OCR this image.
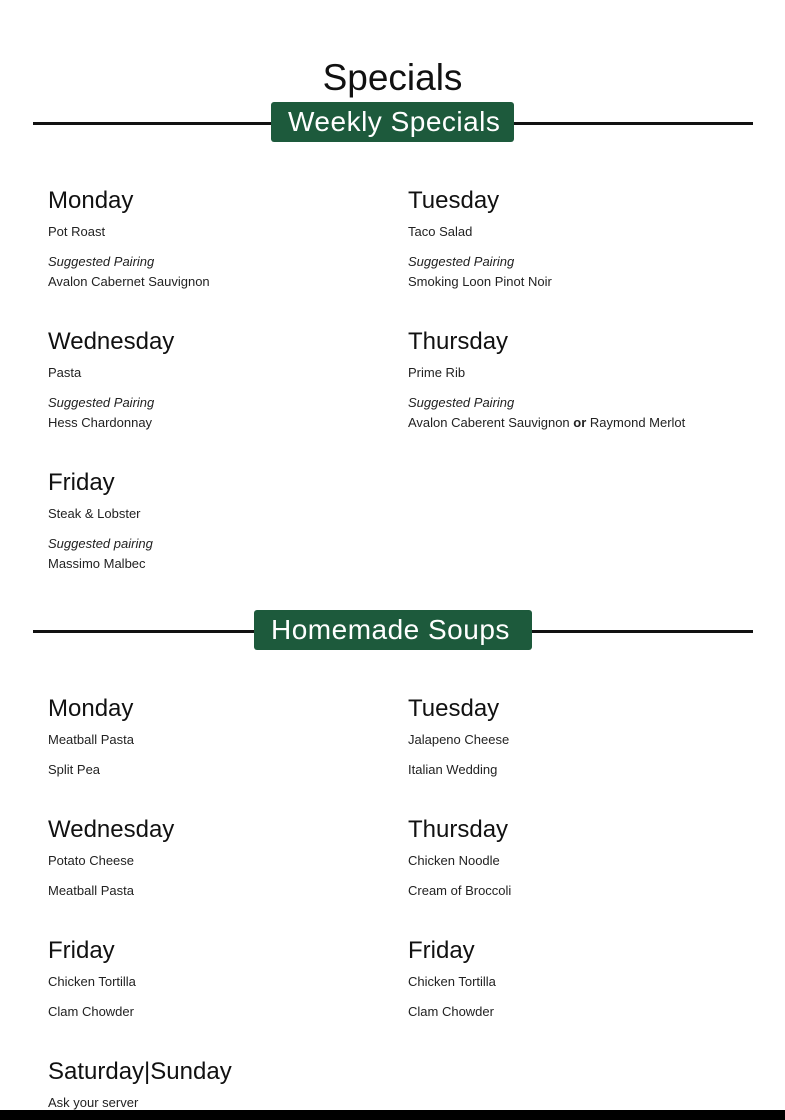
Specials
Weekly Specials
Monday
Pot Roast
Suggested Pairing
Avalon Cabernet Sauvignon
Tuesday
Taco Salad
Suggested Pairing
Smoking Loon Pinot Noir
Wednesday
Pasta
Suggested Pairing
Hess Chardonnay
Thursday
Prime Rib
Suggested Pairing
Avalon Caberent Sauvignon or Raymond Merlot
Friday
Steak & Lobster
Suggested pairing
Massimo Malbec
Homemade Soups
Monday
Meatball Pasta
Split Pea
Tuesday
Jalapeno Cheese
Italian Wedding
Wednesday
Potato Cheese
Meatball Pasta
Thursday
Chicken Noodle
Cream of Broccoli
Friday
Chicken Tortilla
Clam Chowder
Friday
Chicken Tortilla
Clam Chowder
Saturday|Sunday
Ask your server
